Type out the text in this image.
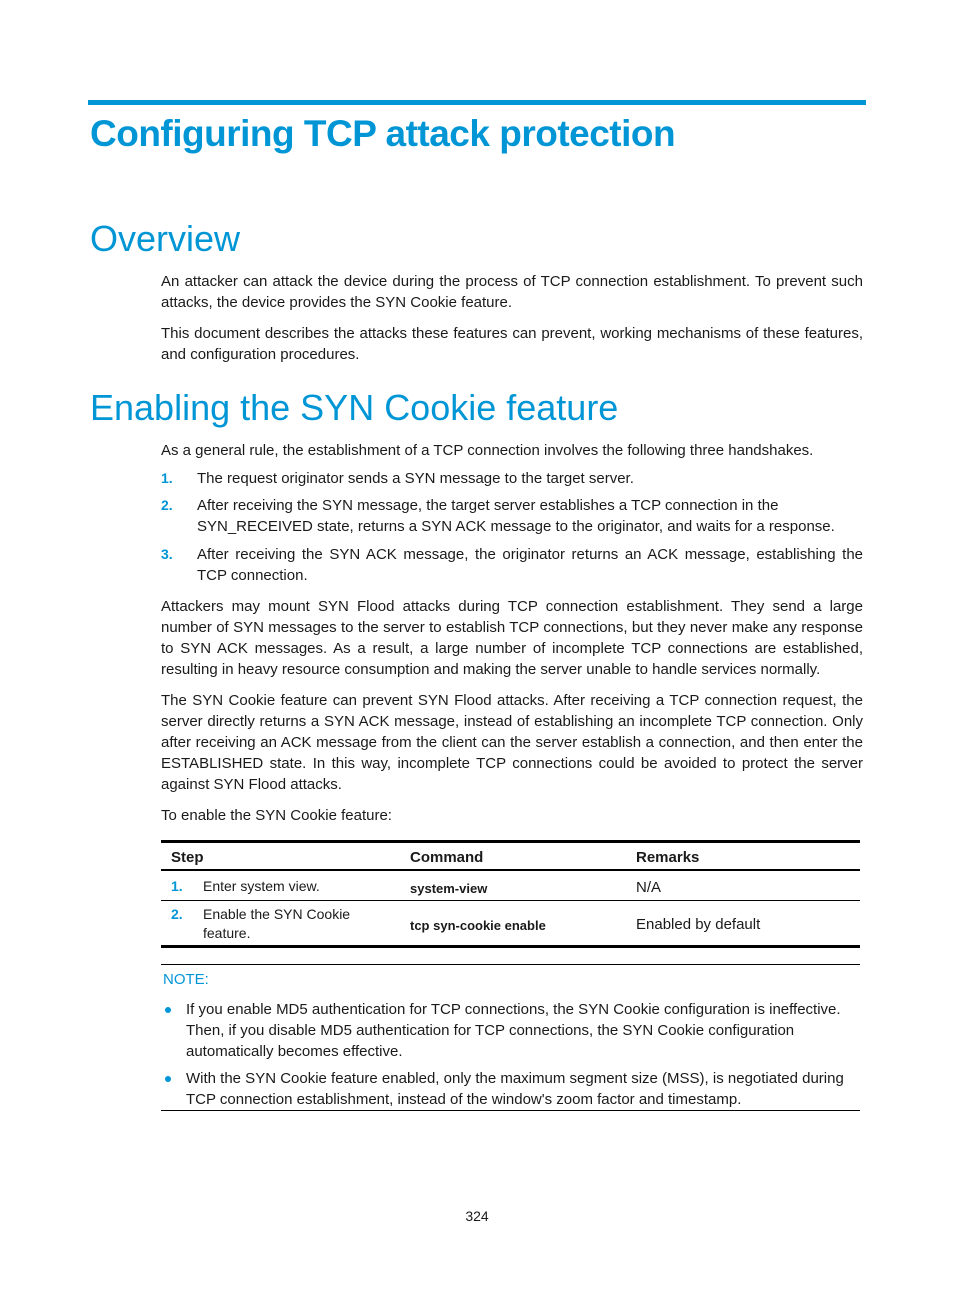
Configuring TCP attack protection
Overview

An attacker can attack the device during the process of TCP connection establishment. To prevent such attacks, the device provides the SYN Cookie feature.

This document describes the attacks these features can prevent, working mechanisms of these features, and configuration procedures.

Enabling the SYN Cookie feature

As a general rule, the establishment of a TCP connection involves the following three handshakes.

1. The request originator sends a SYN message to the target server.
2. After receiving the SYN message, the target server establishes a TCP connection in the SYN_RECEIVED state, returns a SYN ACK message to the originator, and waits for a response.
3. After receiving the SYN ACK message, the originator returns an ACK message, establishing the TCP connection.

Attackers may mount SYN Flood attacks during TCP connection establishment. They send a large number of SYN messages to the server to establish TCP connections, but they never make any response to SYN ACK messages. As a result, a large number of incomplete TCP connections are established, resulting in heavy resource consumption and making the server unable to handle services normally.

The SYN Cookie feature can prevent SYN Flood attacks. After receiving a TCP connection request, the server directly returns a SYN ACK message, instead of establishing an incomplete TCP connection. Only after receiving an ACK message from the client can the server establish a connection, and then enter the ESTABLISHED state. In this way, incomplete TCP connections could be avoided to protect the server against SYN Flood attacks.

To enable the SYN Cookie feature:

Step	Command	Remarks
1. Enter system view.	system-view	N/A
2. Enable the SYN Cookie feature.	tcp syn-cookie enable	Enabled by default
NOTE:
If you enable MD5 authentication for TCP connections, the SYN Cookie configuration is ineffective. Then, if you disable MD5 authentication for TCP connections, the SYN Cookie configuration automatically becomes effective.
With the SYN Cookie feature enabled, only the maximum segment size (MSS), is negotiated during TCP connection establishment, instead of the window's zoom factor and timestamp.
324
